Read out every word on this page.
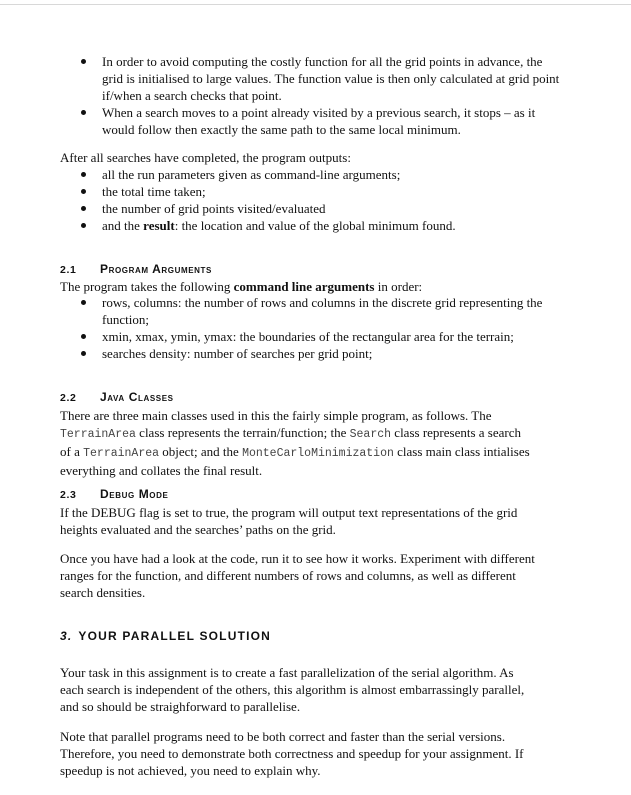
In order to avoid computing the costly function for all the grid points in advance, the grid is initialised to large values. The function value is then only calculated at grid point if/when a search checks that point.
When a search moves to a point already visited by a previous search, it stops – as it would follow then exactly the same path to the same local minimum.

After all searches have completed, the program outputs:

all the run parameters given as command-line arguments;
the total time taken;
the number of grid points visited/evaluated
and the result: the location and value of the global minimum found.
2.1 Program Arguments

The program takes the following command line arguments in order:

rows, columns: the number of rows and columns in the discrete grid representing the function;
xmin, xmax, ymin, ymax: the boundaries of the rectangular area for the terrain;
searches density: number of searches per grid point;
2.2 Java Classes

There are three main classes used in this the fairly simple program, as follows. The TerrainArea class represents the terrain/function; the Search class represents a search of a TerrainArea object; and the MonteCarloMinimization class main class intialises everything and collates the final result.

2.3 Debug Mode

If the DEBUG flag is set to true, the program will output text representations of the grid heights evaluated and the searches’ paths on the grid.

Once you have had a look at the code, run it to see how it works. Experiment with different ranges for the function, and different numbers of rows and columns, as well as different search densities.

3. YOUR PARALLEL SOLUTION

Your task in this assignment is to create a fast parallelization of the serial algorithm. As each search is independent of the others, this algorithm is almost embarrassingly parallel, and so should be straighforward to parallelise.

Note that parallel programs need to be both correct and faster than the serial versions. Therefore, you need to demonstrate both correctness and speedup for your assignment. If speedup is not achieved, you need to explain why.
